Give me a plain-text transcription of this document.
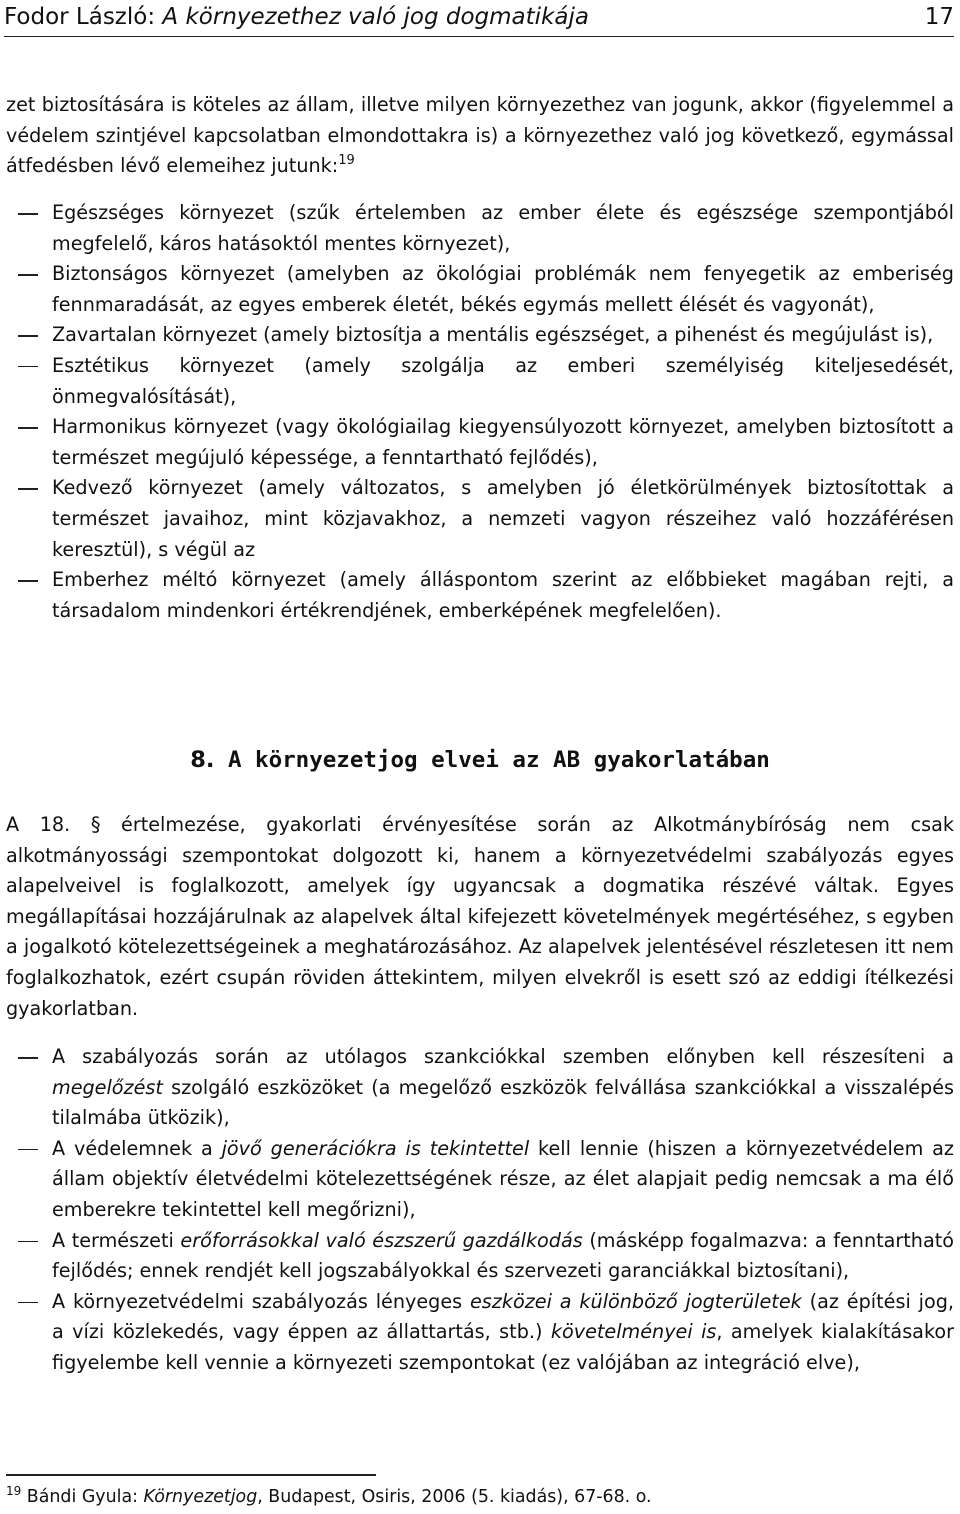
Fodor László: A környezethez való jog dogmatikája	17

zet biztosítására is köteles az állam, illetve milyen környezethez van jogunk, akkor (figyelemmel a védelem szintjével kapcsolatban elmondottakra is) a környezethez való jog következő, egymással átfedésben lévő elemeihez jutunk:$^{19}$

Egészséges környezet (szűk értelemben az ember élete és egészsége szempontjából megfelelő, káros hatásoktól mentes környezet),
Biztonságos környezet (amelyben az ökológiai problémák nem fenyegetik az emberiség fennmaradását, az egyes emberek életét, békés egymás mellett élését és vagyonát),
Zavartalan környezet (amely biztosítja a mentális egészséget, a pihenést és megújulást is),
Esztétikus környezet (amely szolgálja az emberi személyiség kiteljesedését, önmegvalósítását),
Harmonikus környezet (vagy ökológiailag kiegyensúlyozott környezet, amelyben biztosított a természet megújuló képessége, a fenntartható fejlődés),
Kedvező környezet (amely változatos, s amelyben jó életkörülmények biztosítottak a természet javaihoz, mint közjavakhoz, a nemzeti vagyon részeihez való hozzáférésen keresztül), s végül az
Emberhez méltó környezet (amely álláspontom szerint az előbbieket magában rejti, a társadalom mindenkori értékrendjének, emberképének megfelelően).
8. A környezetjog elvei az AB gyakorlatában

A 18. § értelmezése, gyakorlati érvényesítése során az Alkotmánybíróság nem csak alkotmányossági szempontokat dolgozott ki, hanem a környezetvédelmi szabályozás egyes alapelveivel is foglalkozott, amelyek így ugyancsak a dogmatika részévé váltak. Egyes megállapításai hozzájárulnak az alapelvek által kifejezett követelmények megértéséhez, s egyben a jogalkotó kötelezettségeinek a meghatározásához. Az alapelvek jelentésével részletesen itt nem foglalkozhatok, ezért csupán röviden áttekintem, milyen elvekről is esett szó az eddigi ítélkezési gyakorlatban.

A szabályozás során az utólagos szankciókkal szemben előnyben kell részesíteni a megelőzést szolgáló eszközöket (a megelőző eszközök felvállása szankciókkal a visszalépés tilalmába ütközik),
A védelemnek a jövő generációkra is tekintettel kell lennie (hiszen a környezetvédelem az állam objektív életvédelmi kötelezettségének része, az élet alapjait pedig nemcsak a ma élő emberekre tekintettel kell megőrizni),
A természeti erőforrásokkal való észszerű gazdálkodás (másképp fogalmazva: a fenntartható fejlődés; ennek rendjét kell jogszabályokkal és szervezeti garanciákkal biztosítani),
A környezetvédelmi szabályozás lényeges eszközei a különböző jogterületek (az építési jog, a vízi közlekedés, vagy éppen az állattartás, stb.) követelményei is, amelyek kialakításakor figyelembe kell vennie a környezeti szempontokat (ez valójában az integráció elve),
$^{19}$ Bándi Gyula: Környezetjog, Budapest, Osiris, 2006 (5. kiadás), 67-68. o.
